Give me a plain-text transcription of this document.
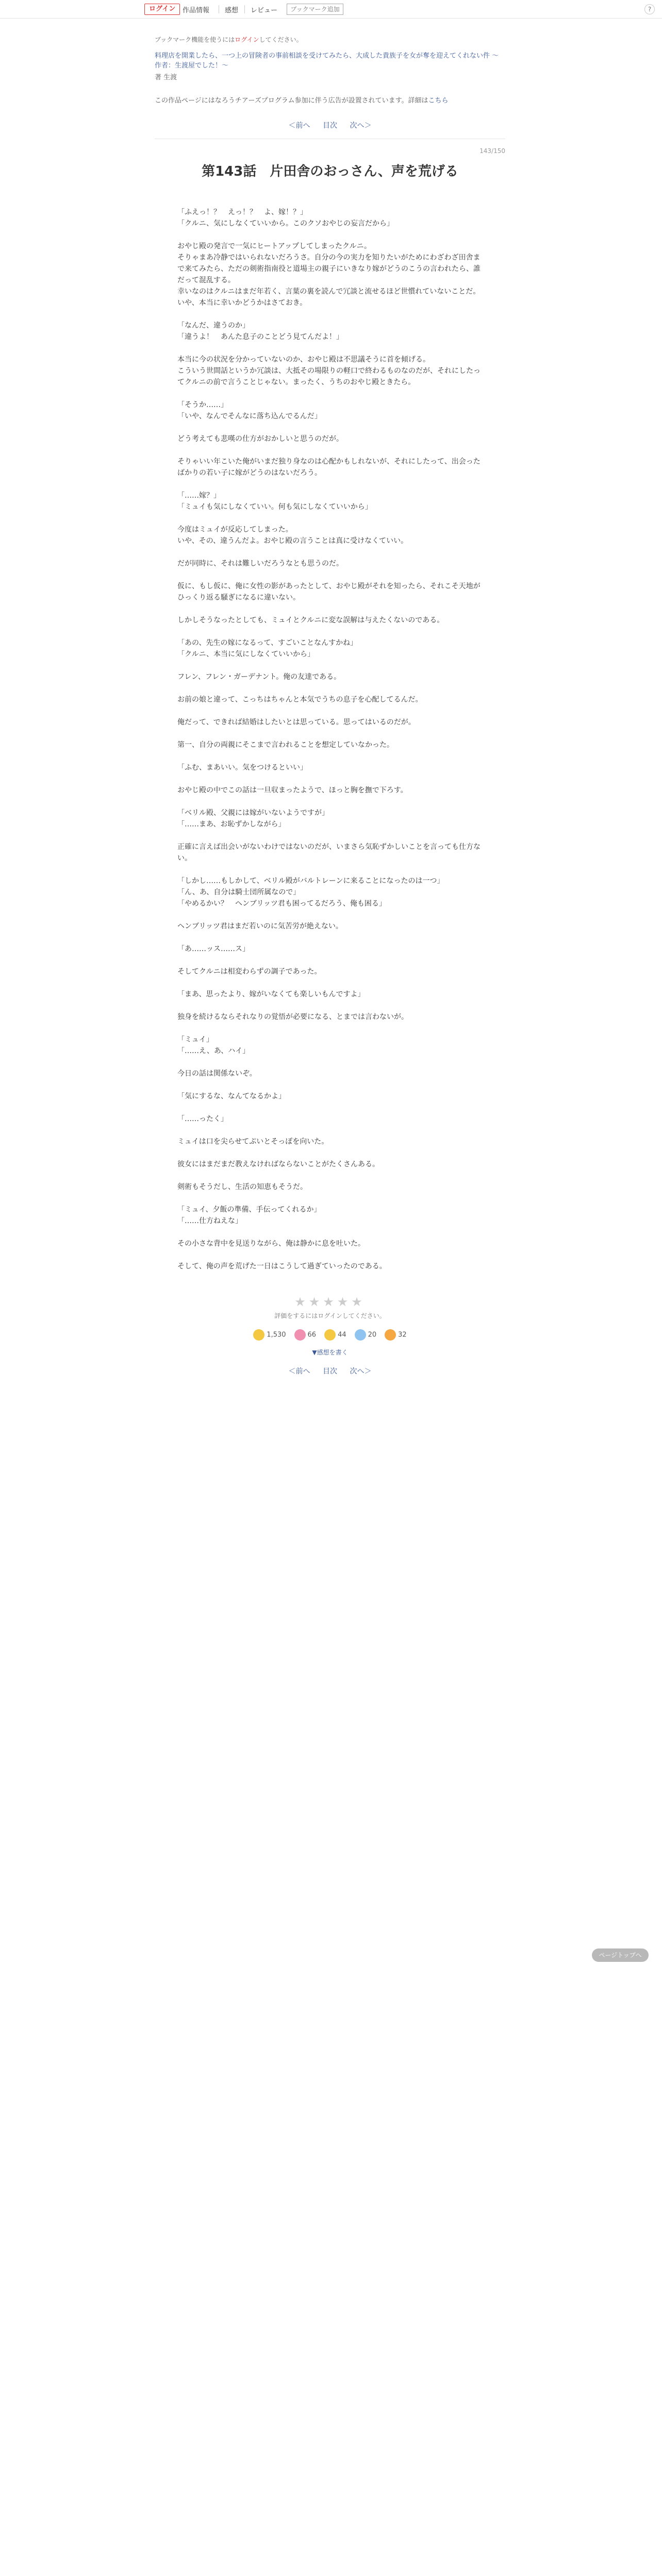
ログイン	作品情報 感想 レビュー	ブックマーク追加	?
ブックマーク機能を使うにはログインしてください。
料理店を開業したら、一つ上の冒険者の事前相談を受けてみたら、大成した貴族子を女が奪を迎えてくれない件 ～ 作者：生渡屋でした！～
著 生渡
この作品ページにはなろうチアーズプログラム参加に伴う広告が設置されています。詳細はこちら
＜前へ 目次 次へ＞
143/150
第143話　片田舎のおっさん、声を荒げる

「ふえっ！？　えっ！？　よ、嫁！？」

「クルニ、気にしなくていいから。このクソおやじの妄言だから」

おやじ殿の発言で一気にヒートアップしてしまったクルニ。

そりゃまあ冷静ではいられないだろうさ。自分の今の実力を知りたいがためにわざわざ田舎まで来てみたら、ただの剣術指南役と道場主の親子にいきなり嫁がどうのこうの言われたら、誰だって混乱する。

幸いなのはクルニはまだ年若く、言葉の裏を読んで冗談と流せるほど世慣れていないことだ。いや、本当に幸いかどうかはさておき。

「なんだ、違うのか」

「違うよ！　あんた息子のことどう見てんだよ！」

本当に今の状況を分かっていないのか、おやじ殿は不思議そうに首を傾げる。

こういう世間話というか冗談は、大抵その場限りの軽口で終わるものなのだが、それにしたってクルニの前で言うことじゃない。まったく、うちのおやじ殿ときたら。

「そうか……」

「いや、なんでそんなに落ち込んでるんだ」

どう考えても悲嘆の仕方がおかしいと思うのだが。

そりゃいい年こいた俺がいまだ独り身なのは心配かもしれないが、それにしたって、出会ったばかりの若い子に嫁がどうのはないだろう。

「……嫁？」

「ミュイも気にしなくていい。何も気にしなくていいから」

今度はミュイが反応してしまった。

いや、その、違うんだよ。おやじ殿の言うことは真に受けなくていい。

だが同時に、それは難しいだろうなとも思うのだ。

仮に、もし仮に、俺に女性の影があったとして、おやじ殿がそれを知ったら、それこそ天地がひっくり返る騒ぎになるに違いない。

しかしそうなったとしても、ミュイとクルニに変な誤解は与えたくないのである。

「あの、先生の嫁になるって、すごいことなんすかね」

「クルニ、本当に気にしなくていいから」

フレン、フレン・ガーデナント。俺の友達である。

お前の娘と違って、こっちはちゃんと本気でうちの息子を心配してるんだ。

俺だって、できれば結婚はしたいとは思っている。思ってはいるのだが。

第一、自分の両親にそこまで言われることを想定していなかった。

「ふむ、まあいい。気をつけるといい」

おやじ殿の中でこの話は一旦収まったようで、ほっと胸を撫で下ろす。

「ベリル殿、父親には嫁がいないようですが」

「……まあ、お恥ずかしながら」

正確に言えば出会いがないわけではないのだが、いまさら気恥ずかしいことを言っても仕方ない。

「しかし……もしかして、ベリル殿がバルトレーンに来ることになったのは一つ」

「ん、あ、自分は騎士団所属なので」

「やめるかい？　ヘンブリッツ君も困ってるだろう、俺も困る」

ヘンブリッツ君はまだ若いのに気苦労が絶えない。

「あ……ッス……ス」

そしてクルニは相変わらずの調子であった。

「まあ、思ったより、嫁がいなくても楽しいもんですよ」

独身を続けるならそれなりの覚悟が必要になる、とまでは言わないが。

「ミュイ」

「……え、あ、ハイ」

今日の話は関係ないぞ。

「気にするな、なんてなるかよ」

「……ったく」

ミュイは口を尖らせてぷいとそっぽを向いた。

彼女にはまだまだ教えなければならないことがたくさんある。

剣術もそうだし、生活の知恵もそうだ。

「ミュイ、夕飯の準備、手伝ってくれるか」

「……仕方ねえな」

その小さな背中を見送りながら、俺は静かに息を吐いた。

そして、俺の声を荒げた一日はこうして過ぎていったのである。

★★★★★
評価をするにはログインしてください。
1,530	66	44	20	32
▼感想を書く
＜前へ 目次 次へ＞
ページトップへ
